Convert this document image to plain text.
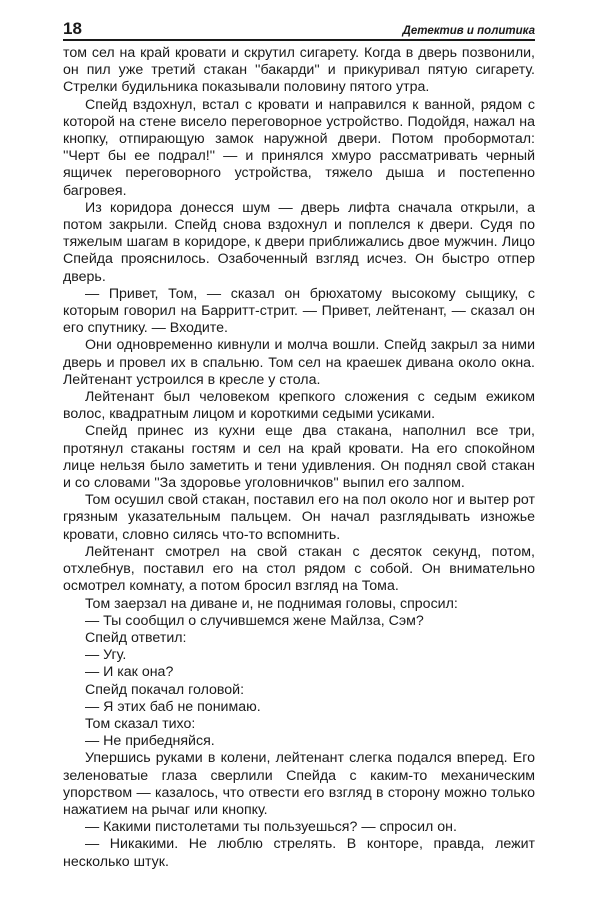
18	Детектив и политика

том сел на край кровати и скрутил сигарету. Когда в дверь позвонили, он пил уже третий стакан ''бакарди'' и прикуривал пятую сигарету. Стрелки будильника показывали половину пятого утра.

Спейд вздохнул, встал с кровати и направился к ванной, рядом с которой на стене висело переговорное устройство. Подойдя, нажал на кнопку, отпирающую замок наружной двери. Потом пробормотал: ''Черт бы ее подрал!'' — и принялся хмуро рассматривать черный ящичек переговорного устройства, тяжело дыша и постепенно багровея.

Из коридора донесся шум — дверь лифта сначала открыли, а потом закрыли. Спейд снова вздохнул и поплелся к двери. Судя по тяжелым шагам в коридоре, к двери приближались двое мужчин. Лицо Спейда прояснилось. Озабоченный взгляд исчез. Он быстро отпер дверь.

— Привет, Том, — сказал он брюхатому высокому сыщику, с которым говорил на Барритт-стрит. — Привет, лейтенант, — сказал он его спутнику. — Входите.

Они одновременно кивнули и молча вошли. Спейд закрыл за ними дверь и провел их в спальню. Том сел на краешек дивана около окна. Лейтенант устроился в кресле у стола.

Лейтенант был человеком крепкого сложения с седым ежиком волос, квадратным лицом и короткими седыми усиками.

Спейд принес из кухни еще два стакана, наполнил все три, протянул стаканы гостям и сел на край кровати. На его спокойном лице нельзя было заметить и тени удивления. Он поднял свой стакан и со словами ''За здоровье уголовничков'' выпил его залпом.

Том осушил свой стакан, поставил его на пол около ног и вытер рот грязным указательным пальцем. Он начал разглядывать изножье кровати, словно силясь что-то вспомнить.

Лейтенант смотрел на свой стакан с десяток секунд, потом, отхлебнув, поставил его на стол рядом с собой. Он внимательно осмотрел комнату, а потом бросил взгляд на Тома.

Том заерзал на диване и, не поднимая головы, спросил:

— Ты сообщил о случившемся жене Майлза, Сэм?

Спейд ответил:

— Угу.

— И как она?

Спейд покачал головой:

— Я этих баб не понимаю.

Том сказал тихо:

— Не прибедняйся.

Упершись руками в колени, лейтенант слегка подался вперед. Его зеленоватые глаза сверлили Спейда с каким-то механическим упорством — казалось, что отвести его взгляд в сторону можно только нажатием на рычаг или кнопку.

— Какими пистолетами ты пользуешься? — спросил он.

— Никакими. Не люблю стрелять. В конторе, правда, лежит несколько штук.
